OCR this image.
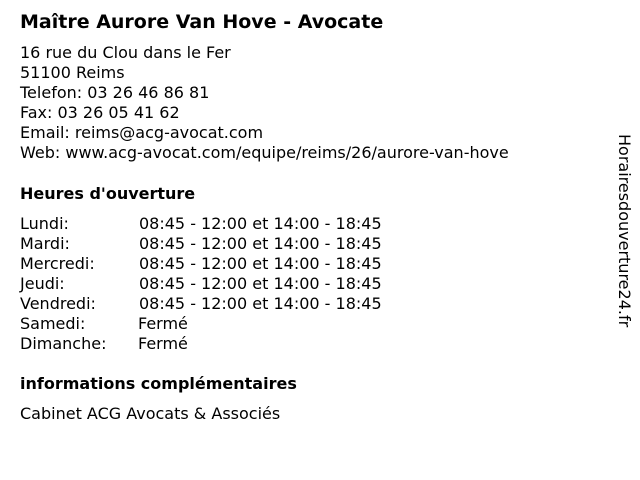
Maître Aurore Van Hove - Avocate
16 rue du Clou dans le Fer
51100 Reims
Telefon: 03 26 46 86 81
Fax: 03 26 05 41 62
Email: reims@acg-avocat.com
Web: www.acg-avocat.com/equipe/reims/26/aurore-van-hove
Heures d'ouverture
Lundi:	08:45 - 12:00 et 14:00 - 18:45
Mardi:	08:45 - 12:00 et 14:00 - 18:45
Mercredi:	08:45 - 12:00 et 14:00 - 18:45
Jeudi:	08:45 - 12:00 et 14:00 - 18:45
Vendredi:	08:45 - 12:00 et 14:00 - 18:45
Samedi:	Fermé
Dimanche: Fermé
informations complémentaires
Cabinet ACG Avocats & Associés
Horairesdouverture24.fr
